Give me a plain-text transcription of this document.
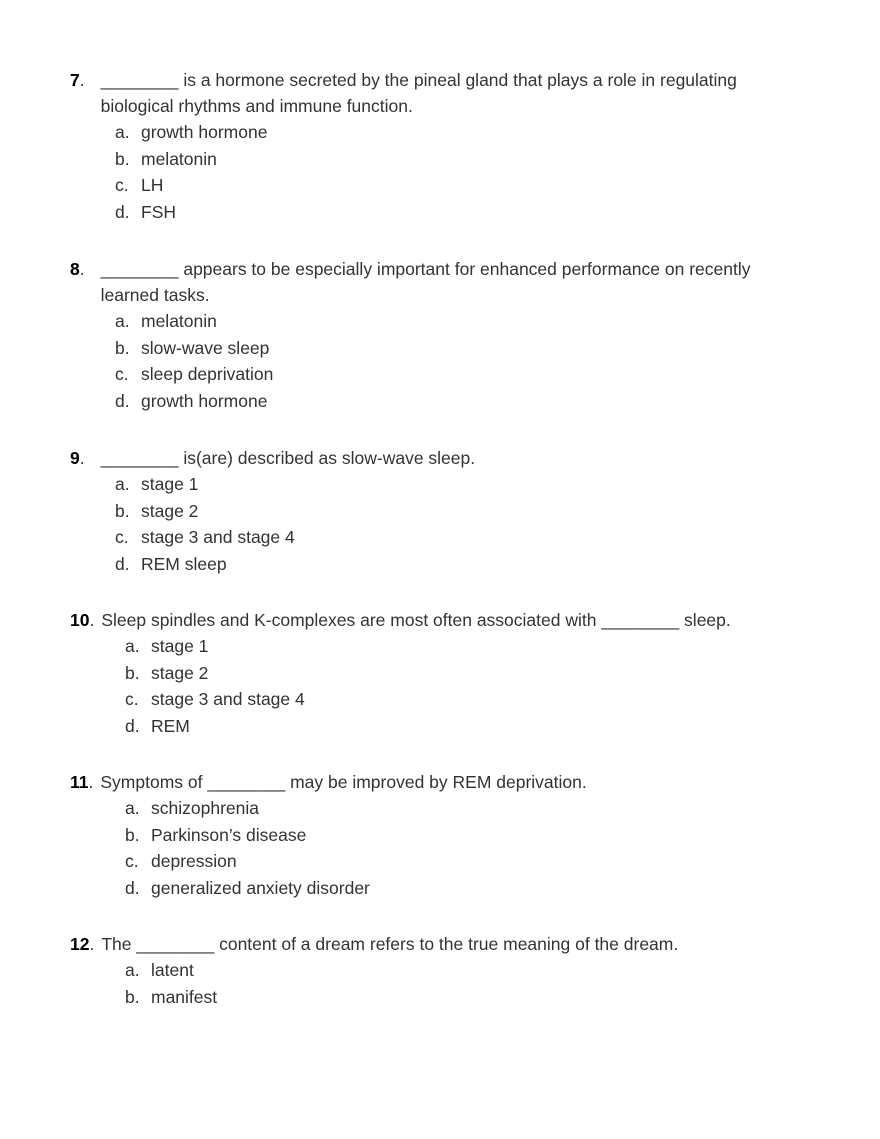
7. ________ is a hormone secreted by the pineal gland that plays a role in regulating biological rhythms and immune function.
a. growth hormone
b. melatonin
c. LH
d. FSH
8. ________ appears to be especially important for enhanced performance on recently learned tasks.
a. melatonin
b. slow-wave sleep
c. sleep deprivation
d. growth hormone
9. ________ is(are) described as slow-wave sleep.
a. stage 1
b. stage 2
c. stage 3 and stage 4
d. REM sleep
10. Sleep spindles and K-complexes are most often associated with ________ sleep.
a. stage 1
b. stage 2
c. stage 3 and stage 4
d. REM
11. Symptoms of ________ may be improved by REM deprivation.
a. schizophrenia
b. Parkinson’s disease
c. depression
d. generalized anxiety disorder
12. The ________ content of a dream refers to the true meaning of the dream.
a. latent
b. manifest
